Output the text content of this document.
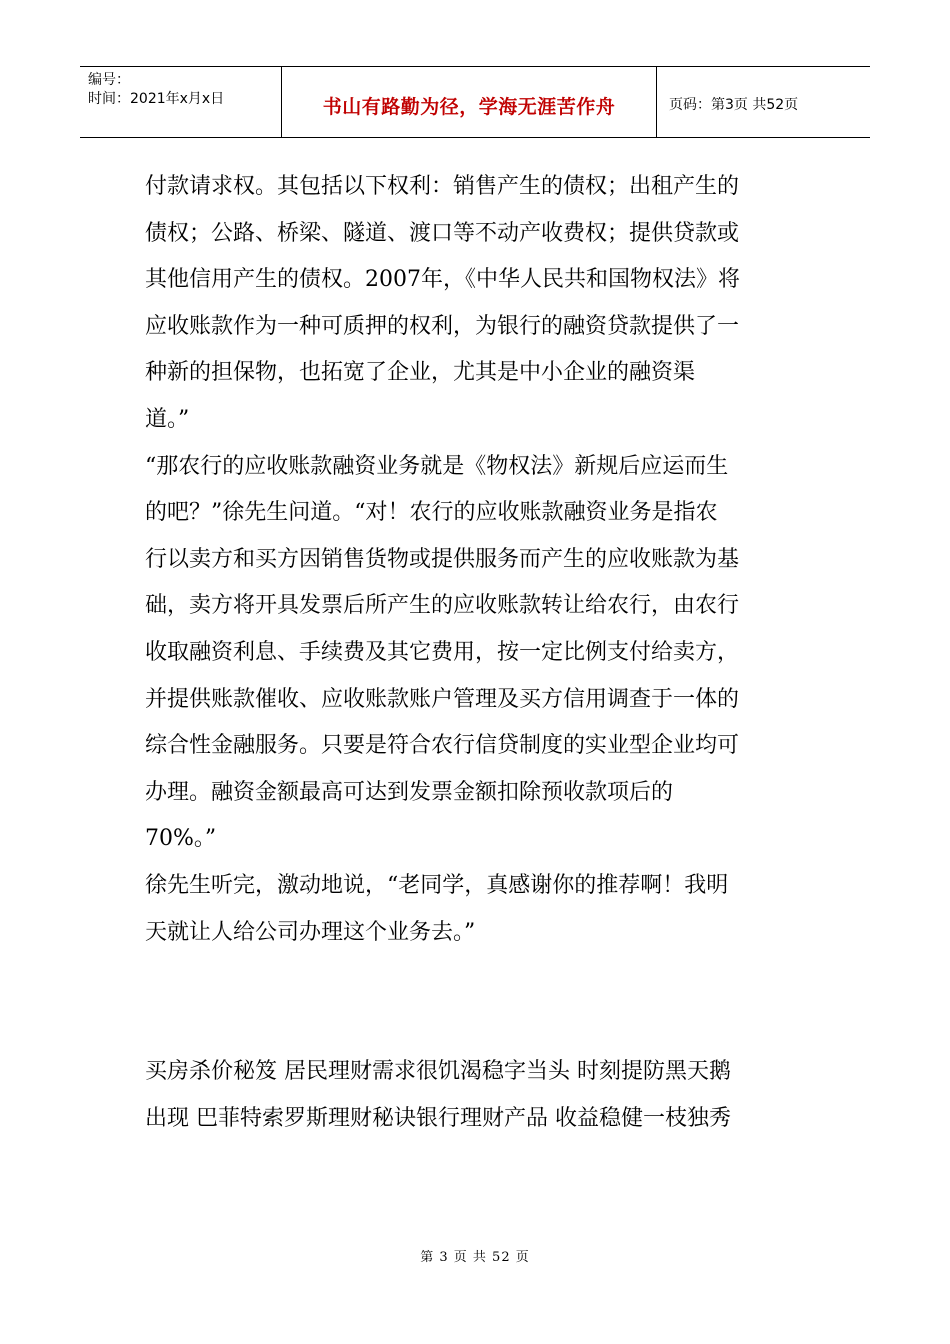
编号：
时间：2021年x月x日	书山有路勤为径，学海无涯苦作舟	页码：第3页 共52页
付款请求权。其包括以下权利：销售产生的债权；出租产生的
债权；公路、桥梁、隧道、渡口等不动产收费权；提供贷款或
其他信用产生的债权。2007年，《中华人民共和国物权法》将
应收账款作为一种可质押的权利，为银行的融资贷款提供了一
种新的担保物，也拓宽了企业，尤其是中小企业的融资渠
道。”
“那农行的应收账款融资业务就是《物权法》新规后应运而生
的吧？”徐先生问道。“对！农行的应收账款融资业务是指农
行以卖方和买方因销售货物或提供服务而产生的应收账款为基
础，卖方将开具发票后所产生的应收账款转让给农行，由农行
收取融资利息、手续费及其它费用，按一定比例支付给卖方，
并提供账款催收、应收账款账户管理及买方信用调查于一体的
综合性金融服务。只要是符合农行信贷制度的实业型企业均可
办理。融资金额最高可达到发票金额扣除预收款项后的
70%。”
徐先生听完，激动地说，“老同学，真感谢你的推荐啊！我明
天就让人给公司办理这个业务去。”
买房杀价秘笈 居民理财需求很饥渴稳字当头 时刻提防黑天鹅
出现 巴菲特索罗斯理财秘诀银行理财产品 收益稳健一枝独秀
第 3 页 共 52 页
